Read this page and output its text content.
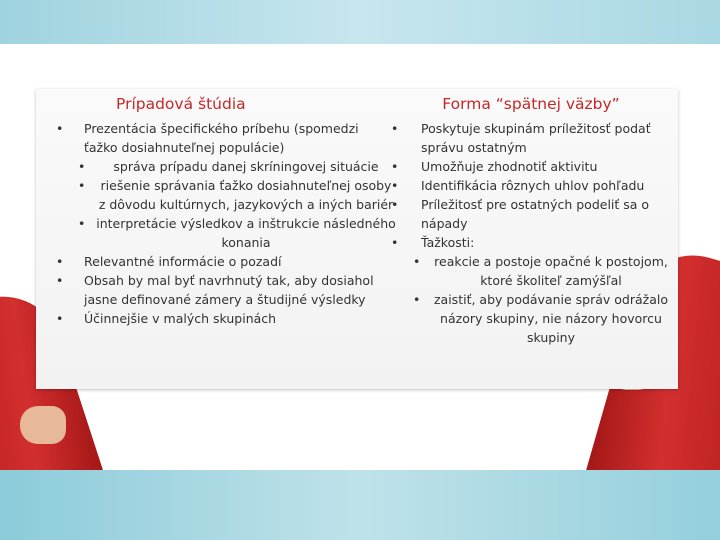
Prípadová štúdia
• Prezentácia špecifického príbehu (spomedzi ťažko dosiahnuteľnej populácie)
• správa prípadu danej skríningovej situácie
• riešenie správania ťažko dosiahnuteľnej osoby z dôvodu kultúrnych, jazykových a iných bariér
• interpretácie výsledkov a inštrukcie následného konania
• Relevantné informácie o pozadí
• Obsah by mal byť navrhnutý tak, aby dosiahol jasne definované zámery a študijné výsledky
• Účinnejšie v malých skupinách
Forma “spätnej väzby”
• Poskytuje skupinám príležitosť podať správu ostatným
• Umožňuje zhodnotiť aktivitu
• Identifikácia rôznych uhlov pohľadu
• Príležitosť pre ostatných podeliť sa o nápady
• Ťažkosti:
• reakcie a postoje opačné k postojom, ktoré školiteľ zamýšľal
• zaistiť, aby podávanie správ odrážalo názory skupiny, nie názory hovorcu skupiny
